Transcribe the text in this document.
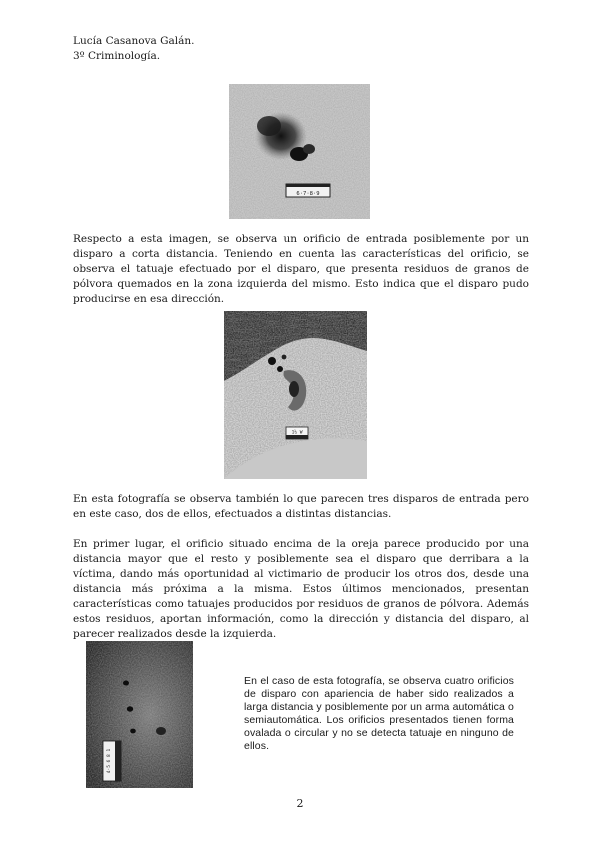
Lucía Casanova Galán.
3º Criminología.
6·7·8·9

Respecto a esta imagen, se observa un orificio de entrada posiblemente por un disparo a corta distancia. Teniendo en cuenta las características del orificio, se observa el tatuaje efectuado por el disparo, que presenta residuos de granos de pólvora quemados en la zona izquierda del mismo. Esto indica que el disparo pudo producirse en esa dirección.

1½ W

En esta fotografía se observa también lo que parecen tres disparos de entrada pero en este caso, dos de ellos, efectuados a distintas distancias.

En primer lugar, el orificio situado encima de la oreja parece producido por una distancia mayor que el resto y posiblemente sea el disparo que derribara a la víctima, dando más oportunidad al victimario de producir los otros dos, desde una distancia más próxima a la misma. Estos últimos mencionados, presentan características como tatuajes producidos por residuos de granos de pólvora. Además estos residuos, aportan información, como la dirección y distancia del disparo, al parecer realizados desde la izquierda.

4·5 6 8 1

En el caso de esta fotografía, se observa cuatro orificios de disparo con apariencia de haber sido realizados a larga distancia y posiblemente por un arma automática o semiautomática. Los orificios presentados tienen forma ovalada o circular y no se detecta tatuaje en ninguno de ellos.

2
